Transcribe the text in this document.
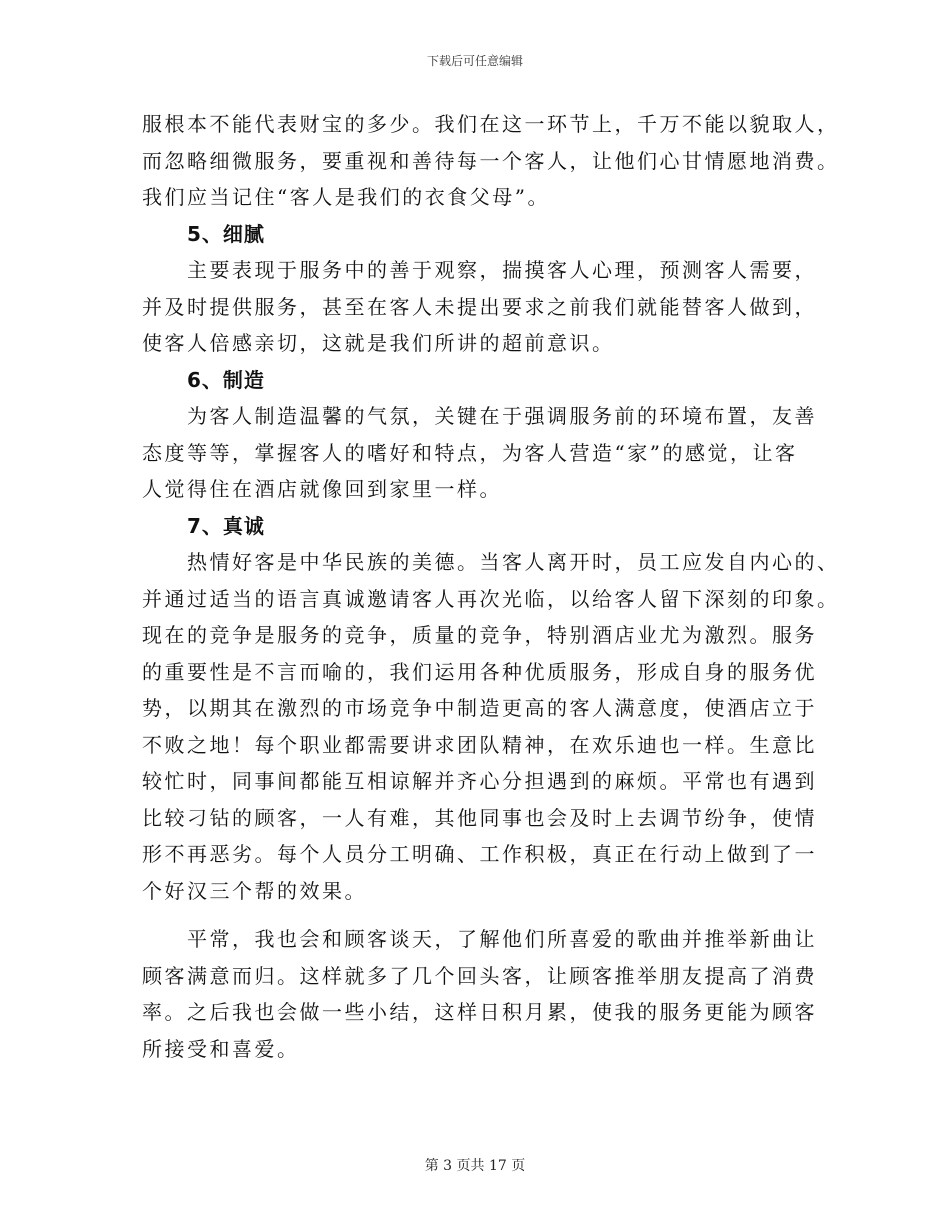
下载后可任意编辑
服根本不能代表财宝的多少。我们在这一环节上，千万不能以貌取人，
而忽略细微服务，要重视和善待每一个客人，让他们心甘情愿地消费。
我们应当记住“客人是我们的衣食父母”。
5、细腻
主要表现于服务中的善于观察，揣摸客人心理，预测客人需要，
并及时提供服务，甚至在客人未提出要求之前我们就能替客人做到，
使客人倍感亲切，这就是我们所讲的超前意识。
6、制造
为客人制造温馨的气氛，关键在于强调服务前的环境布置，友善
态度等等，掌握客人的嗜好和特点，为客人营造“家”的感觉，让客
人觉得住在酒店就像回到家里一样。
7、真诚
热情好客是中华民族的美德。当客人离开时，员工应发自内心的、
并通过适当的语言真诚邀请客人再次光临，以给客人留下深刻的印象。
现在的竞争是服务的竞争，质量的竞争，特别酒店业尤为激烈。服务
的重要性是不言而喻的，我们运用各种优质服务，形成自身的服务优
势，以期其在激烈的市场竞争中制造更高的客人满意度，使酒店立于
不败之地！每个职业都需要讲求团队精神，在欢乐迪也一样。生意比
较忙时，同事间都能互相谅解并齐心分担遇到的麻烦。平常也有遇到
比较刁钻的顾客，一人有难，其他同事也会及时上去调节纷争，使情
形不再恶劣。每个人员分工明确、工作积极，真正在行动上做到了一
个好汉三个帮的效果。
平常，我也会和顾客谈天，了解他们所喜爱的歌曲并推举新曲让
顾客满意而归。这样就多了几个回头客，让顾客推举朋友提高了消费
率。之后我也会做一些小结，这样日积月累，使我的服务更能为顾客
所接受和喜爱。
第 3 页共 17 页
